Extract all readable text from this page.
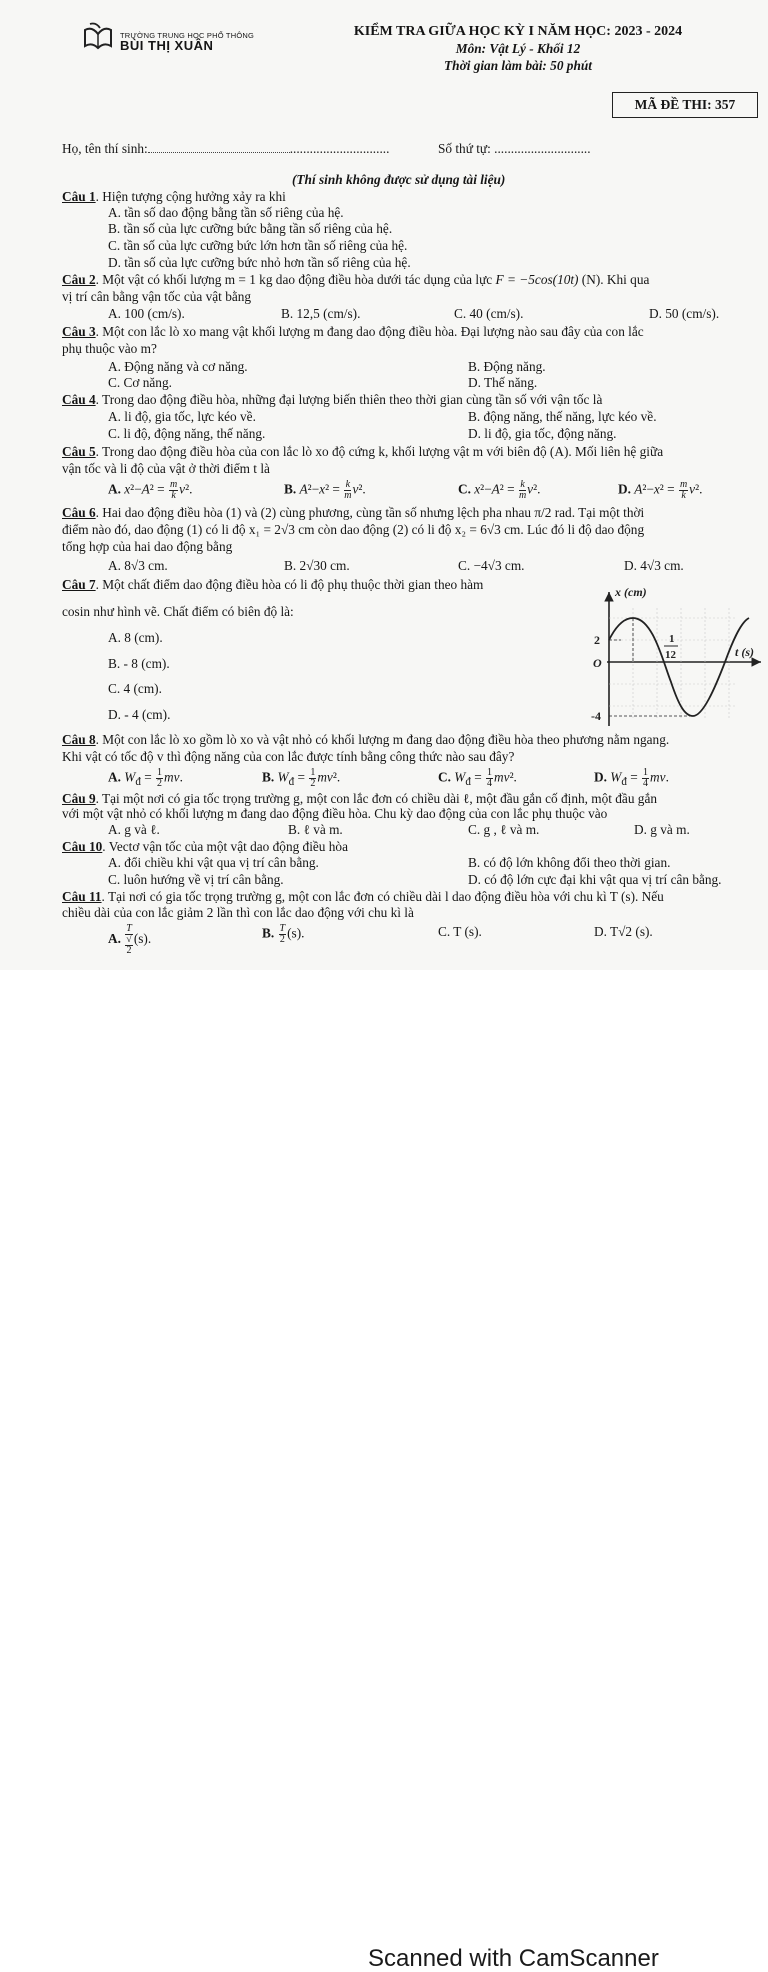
TRƯỜNG TRUNG HỌC PHỔ THÔNG
BÙI THỊ XUÂN
KIỂM TRA GIỮA HỌC KỲ I NĂM HỌC: 2023 - 2024
Môn: Vật Lý - Khối 12
Thời gian làm bài: 50 phút
MÃ ĐỀ THI: 357
Họ, tên thí sinh:	..............................	Số thứ tự: .............................
(Thí sinh không được sử dụng tài liệu)
Câu 1. Hiện tượng cộng hưởng xảy ra khi
A. tần số dao động bằng tần số riêng của hệ.
B. tần số của lực cưỡng bức bằng tần số riêng của hệ.
C. tần số của lực cưỡng bức lớn hơn tần số riêng của hệ.
D. tần số của lực cưỡng bức nhỏ hơn tần số riêng của hệ.
Câu 2. Một vật có khối lượng m = 1 kg dao động điều hòa dưới tác dụng của lực F = −5cos(10t) (N). Khi qua
vị trí cân bằng vận tốc của vật bằng
A. 100 (cm/s).	B. 12,5 (cm/s).	C. 40 (cm/s).	D. 50 (cm/s).
Câu 3. Một con lắc lò xo mang vật khối lượng m đang dao động điều hòa. Đại lượng nào sau đây của con lắc
phụ thuộc vào m?
A. Động năng và cơ năng.	B. Động năng.
C. Cơ năng.	D. Thế năng.
Câu 4. Trong dao động điều hòa, những đại lượng biến thiên theo thời gian cùng tần số với vận tốc là
A. li độ, gia tốc, lực kéo về.	B. động năng, thế năng, lực kéo về.
C. li độ, động năng, thế năng.	D. li độ, gia tốc, động năng.
Câu 5. Trong dao động điều hòa của con lắc lò xo độ cứng k, khối lượng vật m với biên độ (A). Mối liên hệ giữa
vận tốc và li độ của vật ở thời điểm t là
A. $x^2-A^2 = \frac{m}{k} v^2$.	B. $A^2-x^2 = \frac{k}{m} v^2$.	C. $x^2-A^2 = \frac{k}{m} v^2$.	D. $A^2-x^2 = \frac{m}{k} v^2$.
Câu 6. Hai dao động điều hòa (1) và (2) cùng phương, cùng tần số nhưng lệch pha nhau π/2 rad. Tại một thời
điểm nào đó, dao động (1) có li độ x₁ = 2√3 cm còn dao động (2) có li độ x₂ = 6√3 cm. Lúc đó li độ dao động
tổng hợp của hai dao động bằng
A. 8√3 cm.	B. 2√30 cm.	C. −4√3 cm.	D. 4√3 cm.
Câu 7. Một chất điểm dao động điều hòa có li độ phụ thuộc thời gian theo hàm
cosin như hình vẽ. Chất điểm có biên độ là:
A. 8 (cm).
B. - 8 (cm).
C. 4 (cm).
D. - 4 (cm).
x (cm)
t (s)
O
2
-4
1
12
Câu 8. Một con lắc lò xo gồm lò xo và vật nhỏ có khối lượng m đang dao động điều hòa theo phương nằm ngang.
Khi vật có tốc độ v thì động năng của con lắc được tính bằng công thức nào sau đây?
A. $W_đ = \frac{1}{2}$ mv.	B. $W_đ = \frac{1}{2} mv^2$.	C. $W_đ = \frac{1}{4} mv^2$.	D. $W_đ = \frac{1}{4}$ mv.
Câu 9. Tại một nơi có gia tốc trọng trường g, một con lắc đơn có chiều dài ℓ, một đầu gắn cố định, một đầu gắn
với một vật nhỏ có khối lượng m đang dao động điều hòa. Chu kỳ dao động của con lắc phụ thuộc vào
A. g và ℓ.	B. ℓ và m.	C. g , ℓ và m.	D. g và m.
Câu 10. Vectơ vận tốc của một vật dao động điều hòa
A. đổi chiều khi vật qua vị trí cân bằng.	B. có độ lớn không đổi theo thời gian.
C. luôn hướng về vị trí cân bằng.	D. có độ lớn cực đại khi vật qua vị trí cân bằng.
Câu 11. Tại nơi có gia tốc trọng trường g, một con lắc đơn có chiều dài l dao động điều hòa với chu kì T (s). Nếu
chiều dài của con lắc giảm 2 lần thì con lắc dao động với chu kì là
A. T
√
2 (s).	B. $\frac{T}{2} (s)$.	C. T (s).	D. T√2 (s).
Scanned with CamScanner
